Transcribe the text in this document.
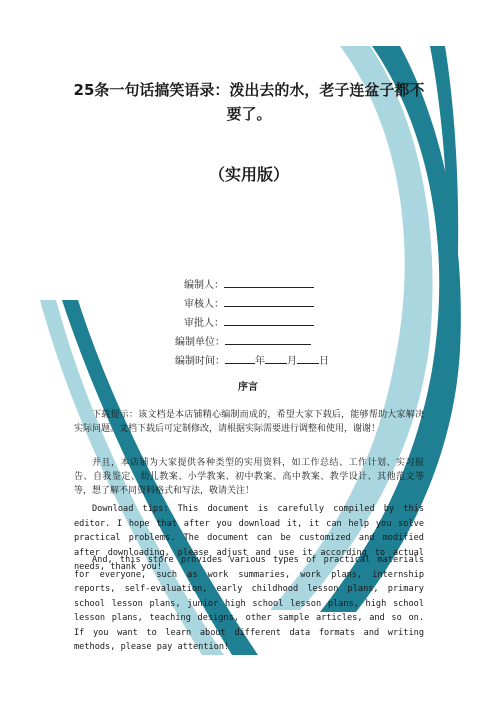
25条一句话搞笑语录：泼出去的水，老子连盆子都不要了。
（实用版）
编制人：
审核人：
审批人：
编制单位：
编制时间：	年 月 日
序言
下载提示：该文档是本店铺精心编制而成的，希望大家下载后，能够帮助大家解决实际问题。文档下载后可定制修改，请根据实际需要进行调整和使用，谢谢！
并且，本店铺为大家提供各种类型的实用资料，如工作总结、工作计划、实习报告、自我鉴定、幼儿教案、小学教案、初中教案、高中教案、教学设计、其他范文等等，想了解不同资料格式和写法，敬请关注！
Download tips: This document is carefully compiled by this editor. I hope that after you download it, it can help you solve practical problems. The document can be customized and modified after downloading, please adjust and use it according to actual needs, thank you!
And, this store provides various types of practical materials for everyone, such as work summaries, work plans, internship reports, self-evaluation, early childhood lesson plans, primary school lesson plans, junior high school lesson plans, high school lesson plans, teaching designs, other sample articles, and so on. If you want to learn about different data formats and writing methods, please pay attention!
